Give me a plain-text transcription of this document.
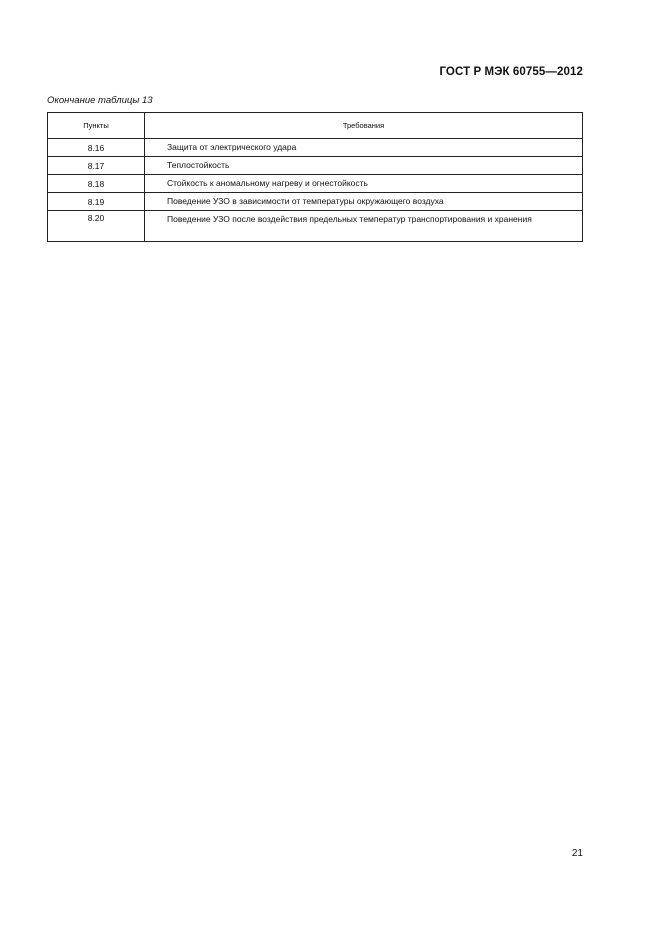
ГОСТ Р МЭК 60755—2012
Окончание таблицы 13
Пункты	Требования
8.16	Защита от электрического удара
8.17	Теплостойкость
8.18	Стойкость к аномальному нагреву и огнестойкость
8.19	Поведение УЗО в зависимости от температуры окружающего воздуха
8.20	Поведение УЗО после воздействия предельных температур транспортирования и хранения
21
